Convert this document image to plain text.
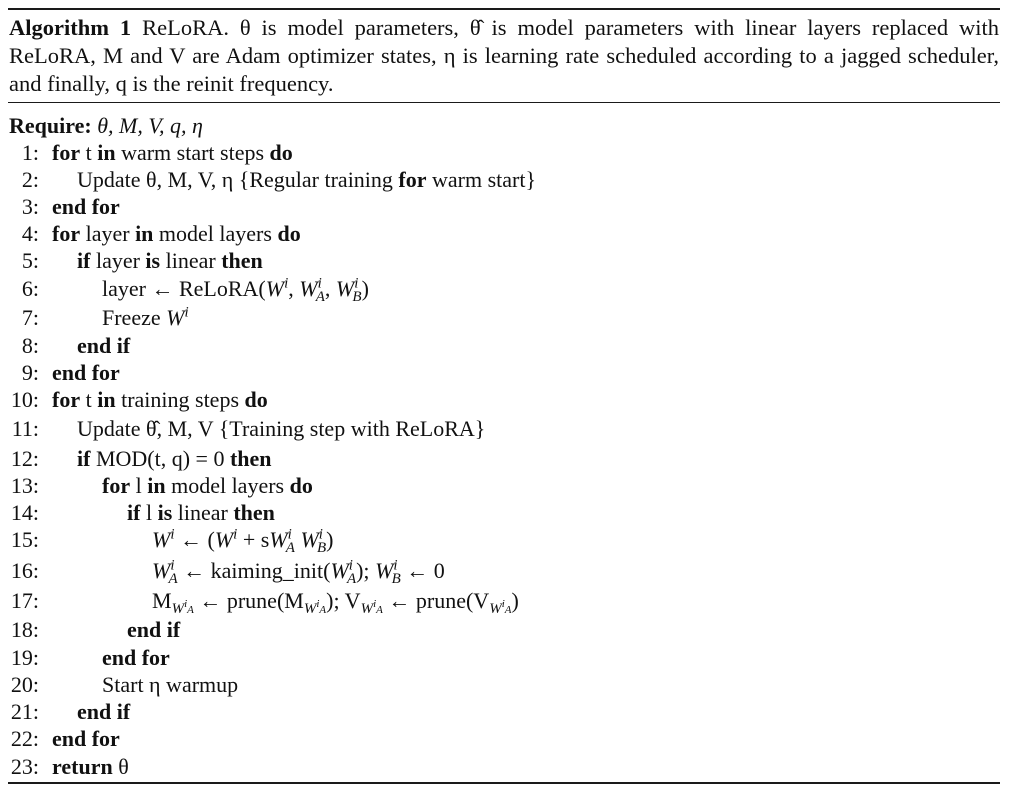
Algorithm 1 ReLoRA. θ is model parameters, θ̂ is model parameters with linear layers replaced with ReLoRA, M and V are Adam optimizer states, η is learning rate scheduled according to a jagged scheduler, and finally, q is the reinit frequency.
Require: θ, M, V, q, η
1: for t in warm start steps do
2: Update θ, M, V, η {Regular training for warm start}
3: end for
4: for layer in model layers do
5: if layer is linear then
6:	layer ← $ReLoRA(W^i$, $W^i_A$, $W^i_B$)
7:	Freeze $W^i$
8: end if
9: end for
10: for t in training steps do
11: Update θ̂, M, V {Training step with ReLoRA}
12: if MOD(t, q) = 0 then
13:	for l in model layers do
14:	if l is linear then
15:	$W^i$ ← ($W^i + sW^i_A$ $W^i_B$)
16:	$W^i_A$ ← $kaiming\_init(W^i_A)$; $W^i_B$ ← 0
17:	$M_{W^iA}$ ← $prune(M_{W^iA})$; $V_{W^iA}$ ← $prune(V_{W^iA})$
18:	end if
19:	end for
20:	Start η warmup
21: end if
22: end for
23: return θ
